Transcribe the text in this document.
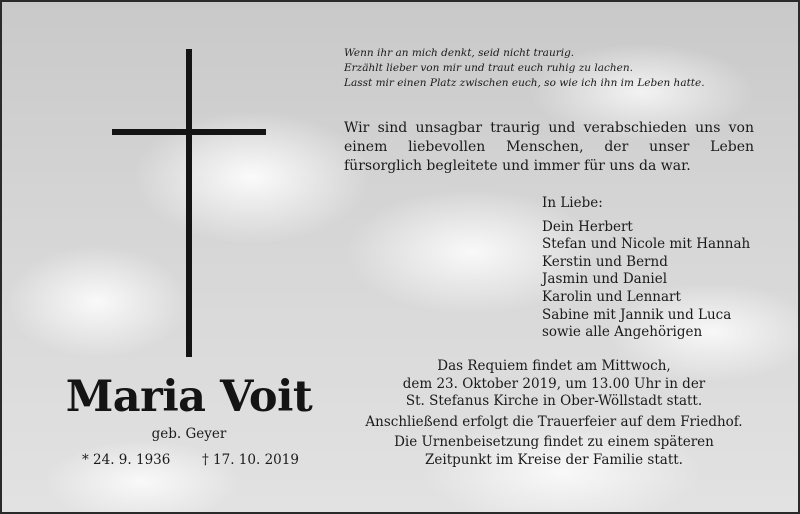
Wenn ihr an mich denkt, seid nicht traurig.
Erzählt lieber von mir und traut euch ruhig zu lachen.
Lasst mir einen Platz zwischen euch, so wie ich ihn im Leben hatte.

Wir sind unsagbar traurig und verabschieden uns von einem liebevollen Menschen, der unser Leben fürsorglich begleitete und immer für uns da war.

In Liebe:
Dein Herbert
Stefan und Nicole mit Hannah
Kerstin und Bernd
Jasmin und Daniel
Karolin und Lennart
Sabine mit Jannik und Luca
sowie alle Angehörigen
Maria Voit
geb. Geyer
* 24. 9. 1936 † 17. 10. 2019
Das Requiem findet am Mittwoch,
dem 23. Oktober 2019, um 13.00 Uhr in der
St. Stefanus Kirche in Ober-Wöllstadt statt.
Anschließend erfolgt die Trauerfeier auf dem Friedhof.
Die Urnenbeisetzung findet zu einem späteren
Zeitpunkt im Kreise der Familie statt.
